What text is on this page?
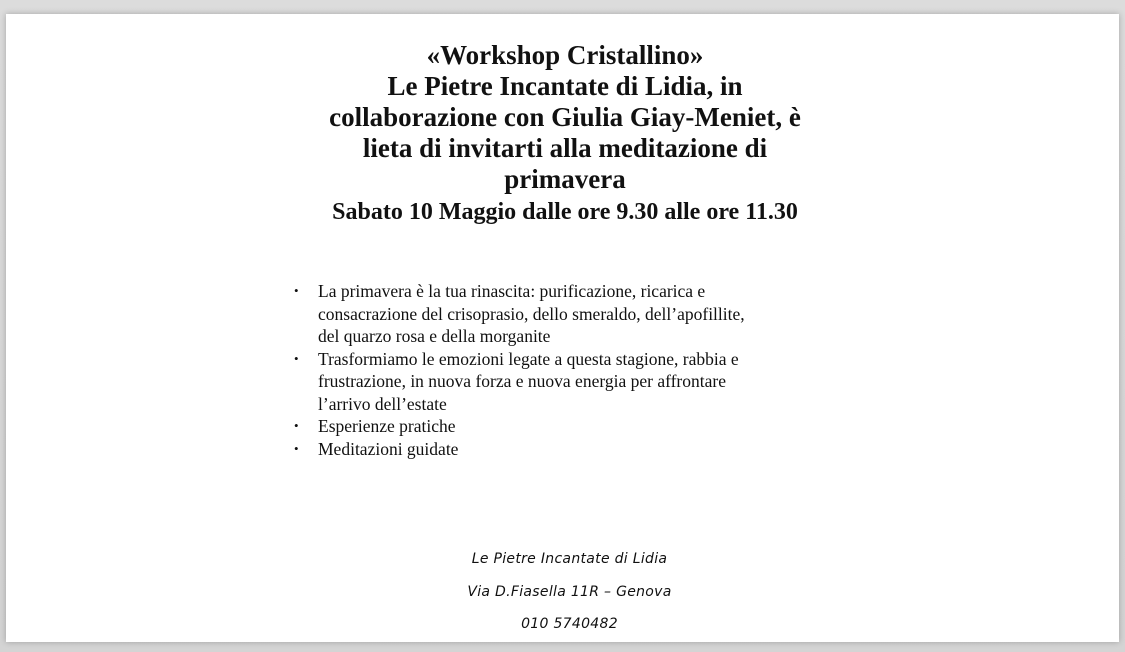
«Workshop Cristallino»
Le Pietre Incantate di Lidia, in
collaborazione con Giulia Giay-Meniet, è
lieta di invitarti alla meditazione di
primavera
Sabato 10 Maggio dalle ore 9.30 alle ore 11.30
• La primavera è la tua rinascita: purificazione, ricarica e
consacrazione del crisoprasio, dello smeraldo, dell’apofillite,
del quarzo rosa e della morganite
• Trasformiamo le emozioni legate a questa stagione, rabbia e
frustrazione, in nuova forza e nuova energia per affrontare
l’arrivo dell’estate
• Esperienze pratiche
• Meditazioni guidate
Le Pietre Incantate di Lidia
Via D.Fiasella 11R – Genova
010 5740482
